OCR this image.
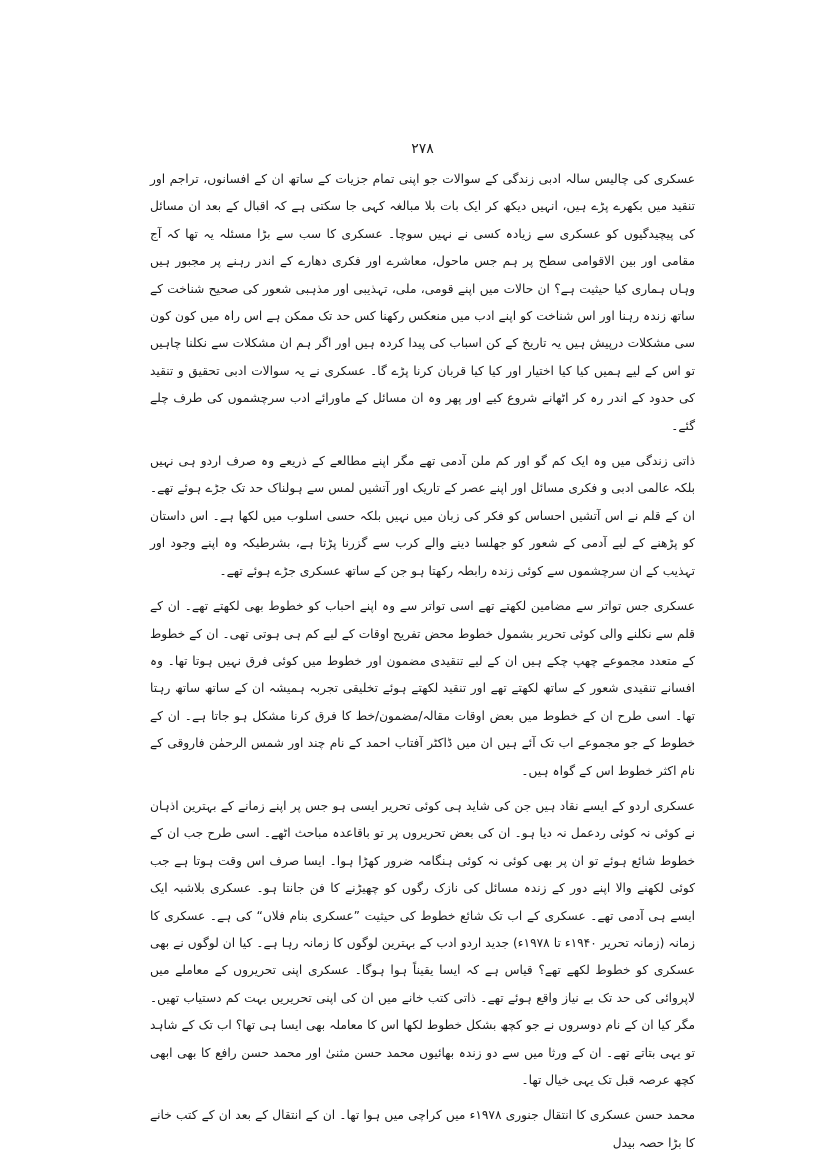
۲۷۸

عسکری کی چالیس سالہ ادبی زندگی کے سوالات جو اپنی تمام جزیات کے ساتھ ان کے افسانوں، تراجم اور تنقید میں بکھرے پڑے ہیں، انہیں دیکھ کر ایک بات بلا مبالغہ کہی جا سکتی ہے کہ اقبال کے بعد ان مسائل کی پیچیدگیوں کو عسکری سے زیادہ کسی نے نہیں سوچا۔ عسکری کا سب سے بڑا مسئلہ یہ تھا کہ آج مقامی اور بین الاقوامی سطح پر ہم جس ماحول، معاشرے اور فکری دھارے کے اندر رہنے پر مجبور ہیں وہاں ہماری کیا حیثیت ہے؟ ان حالات میں اپنے قومی، ملی، تہذیبی اور مذہبی شعور کی صحیح شناخت کے ساتھ زندہ رہنا اور اس شناخت کو اپنے ادب میں منعکس رکھنا کس حد تک ممکن ہے اس راہ میں کون کون سی مشکلات درپیش ہیں یہ تاریخ کے کن اسباب کی پیدا کردہ ہیں اور اگر ہم ان مشکلات سے نکلنا چاہیں تو اس کے لیے ہمیں کیا کیا اختیار اور کیا کیا قربان کرنا پڑے گا۔ عسکری نے یہ سوالات ادبی تحقیق و تنقید کی حدود کے اندر رہ کر اٹھانے شروع کیے اور پھر وہ ان مسائل کے ماورائے ادب سرچشموں کی طرف چلے گئے۔

ذاتی زندگی میں وہ ایک کم گو اور کم ملن آدمی تھے مگر اپنے مطالعے کے ذریعے وہ صرف اردو ہی نہیں بلکہ عالمی ادبی و فکری مسائل اور اپنے عصر کے تاریک اور آتشیں لمس سے ہولناک حد تک جڑے ہوئے تھے۔ ان کے قلم نے اس آتشیں احساس کو فکر کی زبان میں نہیں بلکہ حسی اسلوب میں لکھا ہے۔ اس داستان کو پڑھنے کے لیے آدمی کے شعور کو جھلسا دینے والے کرب سے گزرنا پڑتا ہے، بشرطیکہ وہ اپنے وجود اور تہذیب کے ان سرچشموں سے کوئی زندہ رابطہ رکھتا ہو جن کے ساتھ عسکری جڑے ہوئے تھے۔

عسکری جس تواتر سے مضامین لکھتے تھے اسی تواتر سے وہ اپنے احباب کو خطوط بھی لکھتے تھے۔ ان کے قلم سے نکلنے والی کوئی تحریر بشمول خطوط محض تفریح اوقات کے لیے کم ہی ہوتی تھی۔ ان کے خطوط کے متعدد مجموعے چھپ چکے ہیں ان کے لیے تنقیدی مضمون اور خطوط میں کوئی فرق نہیں ہوتا تھا۔ وہ افسانے تنقیدی شعور کے ساتھ لکھتے تھے اور تنقید لکھتے ہوئے تخلیقی تجربہ ہمیشہ ان کے ساتھ ساتھ رہتا تھا۔ اسی طرح ان کے خطوط میں بعض اوقات مقالہ/مضمون/خط کا فرق کرنا مشکل ہو جاتا ہے۔ ان کے خطوط کے جو مجموعے اب تک آئے ہیں ان میں ڈاکٹر آفتاب احمد کے نام چند اور شمس الرحمٰن فاروقی کے نام اکثر خطوط اس کے گواہ ہیں۔

عسکری اردو کے ایسے نقاد ہیں جن کی شاید ہی کوئی تحریر ایسی ہو جس پر اپنے زمانے کے بہترین اذہان نے کوئی نہ کوئی ردعمل نہ دیا ہو۔ ان کی بعض تحریروں پر تو باقاعدہ مباحث اٹھے۔ اسی طرح جب ان کے خطوط شائع ہوئے تو ان پر بھی کوئی نہ کوئی ہنگامہ ضرور کھڑا ہوا۔ ایسا صرف اس وقت ہوتا ہے جب کوئی لکھنے والا اپنے دور کے زندہ مسائل کی نازک رگوں کو چھیڑنے کا فن جانتا ہو۔ عسکری بلاشبہ ایک ایسے ہی آدمی تھے۔ عسکری کے اب تک شائع خطوط کی حیثیت ”عسکری بنام فلاں“ کی ہے۔ عسکری کا زمانہ (زمانہ تحریر ۱۹۴۰ء تا ۱۹۷۸ء) جدید اردو ادب کے بہترین لوگوں کا زمانہ رہا ہے۔ کیا ان لوگوں نے بھی عسکری کو خطوط لکھے تھے؟ قیاس ہے کہ ایسا یقیناً ہوا ہوگا۔ عسکری اپنی تحریروں کے معاملے میں لاپروائی کی حد تک بے نیاز واقع ہوئے تھے۔ ذاتی کتب خانے میں ان کی اپنی تحریریں بہت کم دستیاب تھیں۔ مگر کیا ان کے نام دوسروں نے جو کچھ بشکل خطوط لکھا اس کا معاملہ بھی ایسا ہی تھا؟ اب تک کے شاہد تو یہی بتاتے تھے۔ ان کے ورثا میں سے دو زندہ بھائیوں محمد حسن مثنیٰ اور محمد حسن رافع کا بھی ابھی کچھ عرصہ قبل تک یہی خیال تھا۔

محمد حسن عسکری کا انتقال جنوری ۱۹۷۸ء میں کراچی میں ہوا تھا۔ ان کے انتقال کے بعد ان کے کتب خانے کا بڑا حصہ بیدل
